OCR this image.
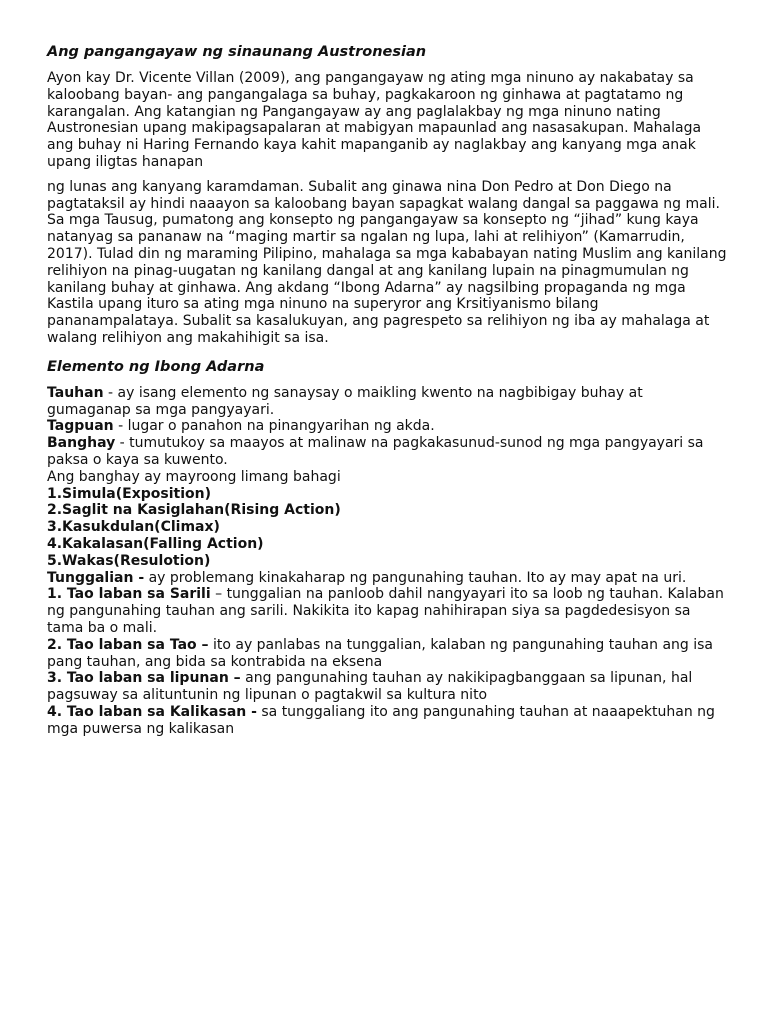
Ang pangangayaw ng sinaunang Austronesian

Ayon kay Dr. Vicente Villan (2009), ang pangangayaw ng ating mga ninuno ay nakabatay sa kaloobang bayan- ang pangangalaga sa buhay, pagkakaroon ng ginhawa at pagtatamo ng karangalan. Ang katangian ng Pangangayaw ay ang paglalakbay ng mga ninuno nating Austronesian upang makipagsapalaran at mabigyan mapaunlad ang nasasakupan. Mahalaga ang buhay ni Haring Fernando kaya kahit mapanganib ay naglakbay ang kanyang mga anak upang iligtas hanapan

ng lunas ang kanyang karamdaman. Subalit ang ginawa nina Don Pedro at Don Diego na pagtataksil ay hindi naaayon sa kaloobang bayan sapagkat walang dangal sa paggawa ng mali. Sa mga Tausug, pumatong ang konsepto ng pangangayaw sa konsepto ng “jihad” kung kaya natanyag sa pananaw na “maging martir sa ngalan ng lupa, lahi at relihiyon” (Kamarrudin, 2017). Tulad din ng maraming Pilipino, mahalaga sa mga kababayan nating Muslim ang kanilang relihiyon na pinag-uugatan ng kanilang dangal at ang kanilang lupain na pinagmumulan ng kanilang buhay at ginhawa. Ang akdang “Ibong Adarna” ay nagsilbing propaganda ng mga Kastila upang ituro sa ating mga ninuno na superyror ang Krsitiyanismo bilang pananampalataya. Subalit sa kasalukuyan, ang pagrespeto sa relihiyon ng iba ay mahalaga at walang relihiyon ang makahihigit sa isa.

Elemento ng Ibong Adarna

Tauhan - ay isang elemento ng sanaysay o maikling kwento na nagbibigay buhay at gumaganap sa mga pangyayari.

Tagpuan - lugar o panahon na pinangyarihan ng akda.

Banghay - tumutukoy sa maayos at malinaw na pagkakasunud-sunod ng mga pangyayari sa paksa o kaya sa kuwento.

Ang banghay ay mayroong limang bahagi

1.Simula(Exposition)
2.Saglit na Kasiglahan(Rising Action)
3.Kasukdulan(Climax)
4.Kakalasan(Falling Action)
5.Wakas(Resulotion)

Tunggalian - ay problemang kinakaharap ng pangunahing tauhan. Ito ay may apat na uri.

1. Tao laban sa Sarili – tunggalian na panloob dahil nangyayari ito sa loob ng tauhan. Kalaban ng pangunahing tauhan ang sarili. Nakikita ito kapag nahihirapan siya sa pagdedesisyon sa tama ba o mali.

2. Tao laban sa Tao – ito ay panlabas na tunggalian, kalaban ng pangunahing tauhan ang isa pang tauhan, ang bida sa kontrabida na eksena

3. Tao laban sa lipunan – ang pangunahing tauhan ay nakikipagbanggaan sa lipunan, hal pagsuway sa alituntunin ng lipunan o pagtakwil sa kultura nito

4. Tao laban sa Kalikasan - sa tunggaliang ito ang pangunahing tauhan at naaapektuhan ng mga puwersa ng kalikasan
